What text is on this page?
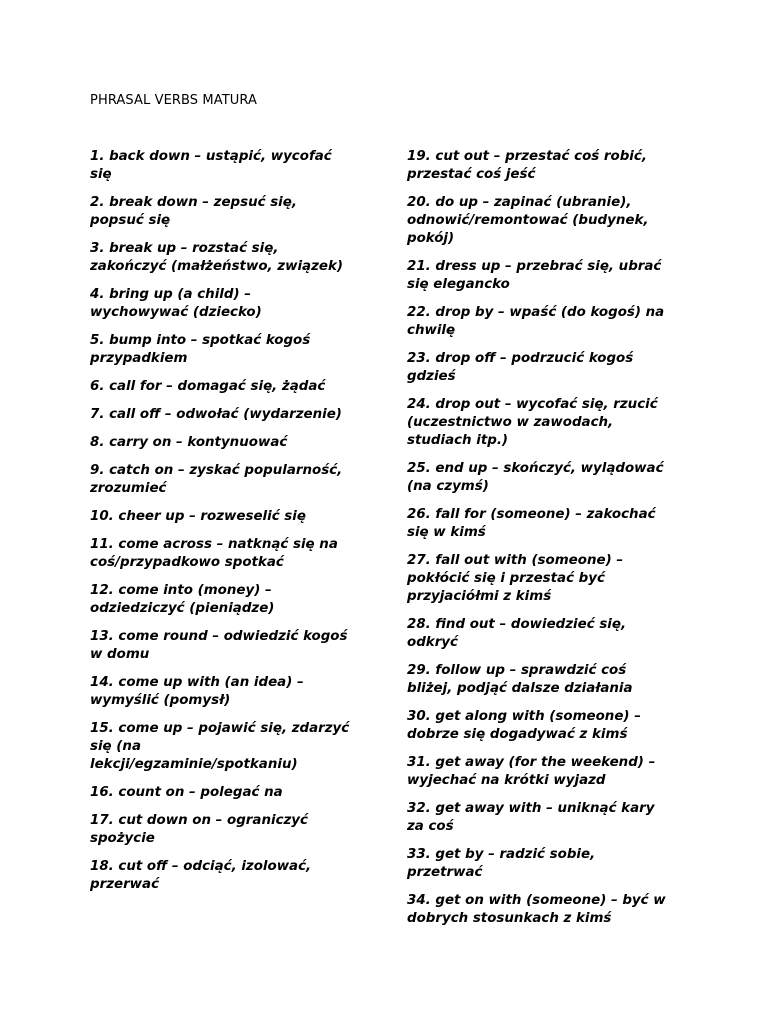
PHRASAL VERBS MATURA
1. back down – ustąpić, wycofać
się
2. break down – zepsuć się,
popsuć się
3. break up – rozstać się,
zakończyć (małżeństwo, związek)
4. bring up (a child) –
wychowywać (dziecko)
5. bump into – spotkać kogoś
przypadkiem
6. call for – domagać się, żądać
7. call off – odwołać (wydarzenie)
8. carry on – kontynuować
9. catch on – zyskać popularność,
zrozumieć
10. cheer up – rozweselić się
11. come across – natknąć się na
coś/przypadkowo spotkać
12. come into (money) –
odziedziczyć (pieniądze)
13. come round – odwiedzić kogoś
w domu
14. come up with (an idea) –
wymyślić (pomysł)
15. come up – pojawić się, zdarzyć
się (na
lekcji/egzaminie/spotkaniu)
16. count on – polegać na
17. cut down on – ograniczyć
spożycie
18. cut off – odciąć, izolować,
przerwać
19. cut out – przestać coś robić,
przestać coś jeść
20. do up – zapinać (ubranie),
odnowić/remontować (budynek,
pokój)
21. dress up – przebrać się, ubrać
się elegancko
22. drop by – wpaść (do kogoś) na
chwilę
23. drop off – podrzucić kogoś
gdzieś
24. drop out – wycofać się, rzucić
(uczestnictwo w zawodach,
studiach itp.)
25. end up – skończyć, wylądować
(na czymś)
26. fall for (someone) – zakochać
się w kimś
27. fall out with (someone) –
pokłócić się i przestać być
przyjaciółmi z kimś
28. find out – dowiedzieć się,
odkryć
29. follow up – sprawdzić coś
bliżej, podjąć dalsze działania
30. get along with (someone) –
dobrze się dogadywać z kimś
31. get away (for the weekend) –
wyjechać na krótki wyjazd
32. get away with – uniknąć kary
za coś
33. get by – radzić sobie,
przetrwać
34. get on with (someone) – być w
dobrych stosunkach z kimś
